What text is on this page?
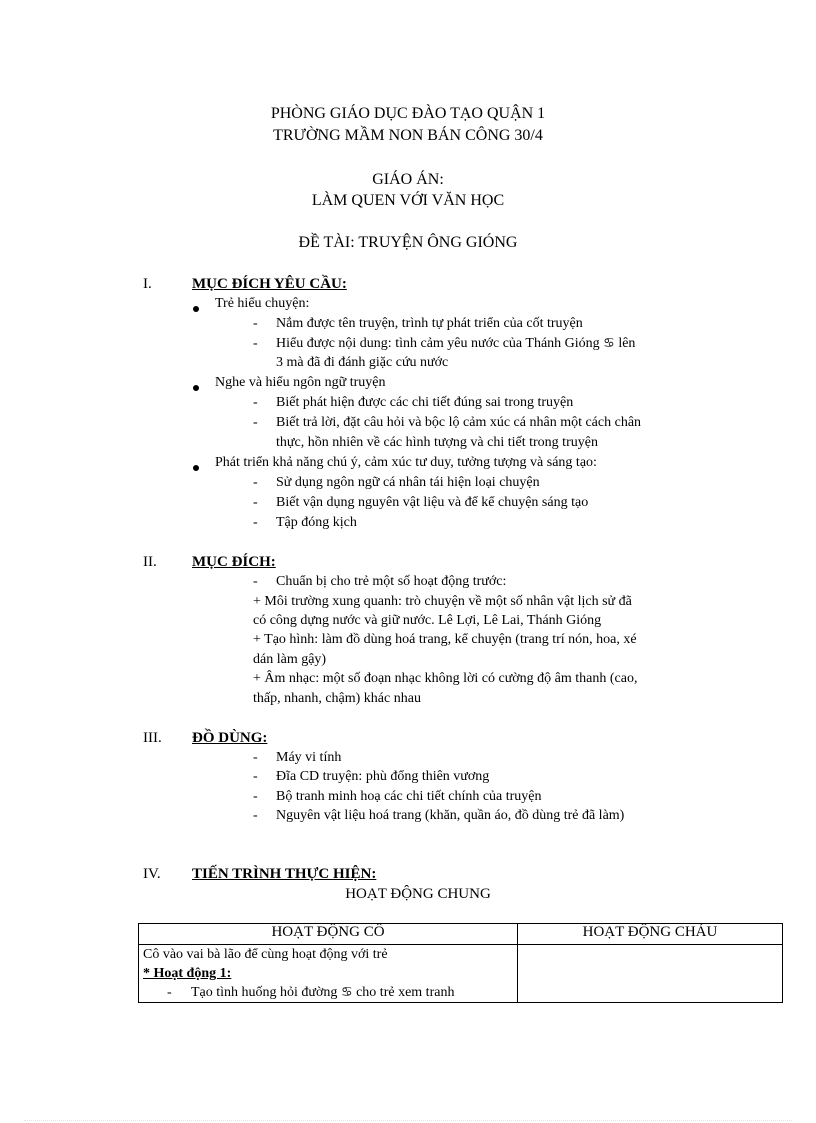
PHÒNG GIÁO DỤC ĐÀO TẠO QUẬN 1
TRƯỜNG MẦM NON BÁN CÔNG 30/4
GIÁO ÁN:
LÀM QUEN VỚI VĂN HỌC
ĐỀ TÀI: TRUYỆN ÔNG GIÓNG
I.	MỤC ĐÍCH YÊU CẦU:
Trẻ hiểu chuyện:
- Nắm được tên truyện, trình tự phát triển của cốt truyện
- Hiểu được nội dung: tình cảm yêu nước của Thánh Gióng ♋ lên
3 mà đã đi đánh giặc cứu nước
Nghe và hiểu ngôn ngữ truyện
- Biết phát hiện được các chi tiết đúng sai trong truyện
- Biết trả lời, đặt câu hỏi và bộc lộ cảm xúc cá nhân một cách chân
thực, hồn nhiên về các hình tượng và chi tiết trong truyện
Phát triển khả năng chú ý, cảm xúc tư duy, tưởng tượng và sáng tạo:
- Sử dụng ngôn ngữ cá nhân tái hiện loại chuyện
- Biết vận dụng nguyên vật liệu và để kể chuyện sáng tạo
- Tập đóng kịch
II. MỤC ĐÍCH:
- Chuẩn bị cho trẻ một số hoạt động trước:
+ Môi trường xung quanh: trò chuyện về một số nhân vật lịch sử đã
có công dựng nước và giữ nước. Lê Lợi, Lê Lai, Thánh Gióng
+ Tạo hình: làm đồ dùng hoá trang, kể chuyện (trang trí nón, hoa, xé
dán làm gậy)
+ Âm nhạc: một số đoạn nhạc không lời có cường độ âm thanh (cao,
thấp, nhanh, chậm) khác nhau
III. ĐỒ DÙNG:
- Máy vi tính
- Đĩa CD truyện: phù đổng thiên vương
- Bộ tranh minh hoạ các chi tiết chính của truyện
- Nguyên vật liệu hoá trang (khăn, quần áo, đồ dùng trẻ đã làm)
IV. TIẾN TRÌNH THỰC HIỆN:
HOẠT ĐỘNG CHUNG
HOẠT ĐỘNG CÔ	HOẠT ĐỘNG CHÁU

Cô vào vai bà lão để cùng hoạt động với trẻ
* Hoạt động 1:
- Tạo tình huống hỏi đường ♋ cho trẻ xem tranh	
